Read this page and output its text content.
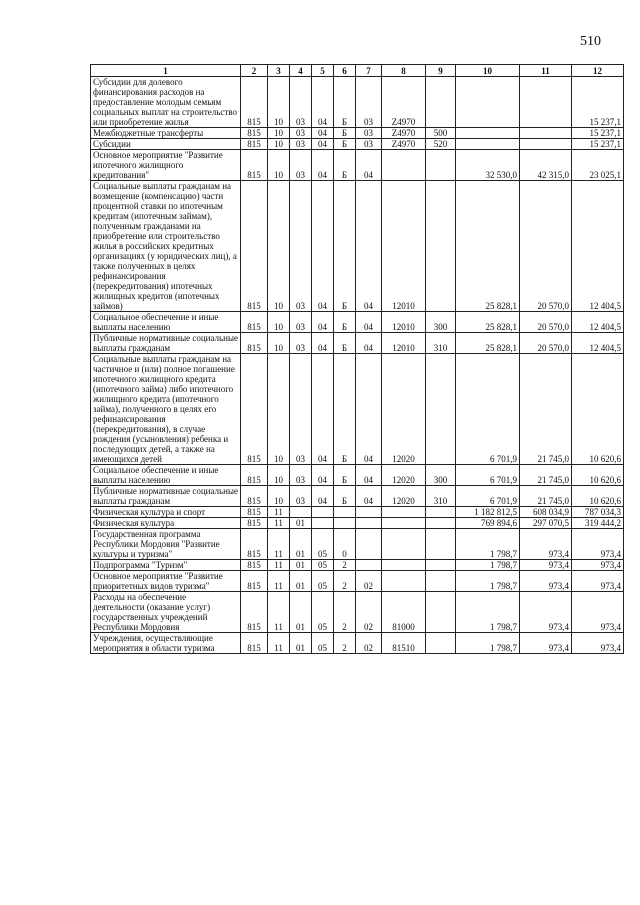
510
1	2	3	4	5	6	7	8	9	10	11	12
Субсидии для долевого финансирования расходов на предоставление молодым семьям социальных выплат на строительство или приобретение жилья	815	10	03	04	Б	03	Z4970				15 237,1
Межбюджетные трансферты	815	10	03	04	Б	03	Z4970	500			15 237,1
Субсидии	815	10	03	04	Б	03	Z4970	520			15 237,1
Основное мероприятие "Развитие ипотечного жилищного кредитования"	815	10	03	04	Б	04			32 530,0	42 315,0	23 025,1
Социальные выплаты гражданам на возмещение (компенсацию) части процентной ставки по ипотечным кредитам (ипотечным займам), полученным гражданами на приобретение или строительство жилья в российских кредитных организациях (у юридических лиц), а также полученных в целях рефинансирования (перекредитования) ипотечных жилищных кредитов (ипотечных займов)	815	10	03	04	Б	04	12010		25 828,1	20 570,0	12 404,5
Социальное обеспечение и иные выплаты населению	815	10	03	04	Б	04	12010	300	25 828,1	20 570,0	12 404,5
Публичные нормативные социальные выплаты гражданам	815	10	03	04	Б	04	12010	310	25 828,1	20 570,0	12 404,5
Социальные выплаты гражданам на частичное и (или) полное погашение ипотечного жилищного кредита (ипотечного займа) либо ипотечного жилищного кредита (ипотечного займа), полученного в целях его рефинансирования (перекредитования), в случае рождения (усыновления) ребенка и последующих детей, а также на имеющихся детей	815	10	03	04	Б	04	12020		6 701,9	21 745,0	10 620,6
Социальное обеспечение и иные выплаты населению	815	10	03	04	Б	04	12020	300	6 701,9	21 745,0	10 620,6
Публичные нормативные социальные выплаты гражданам	815	10	03	04	Б	04	12020	310	6 701,9	21 745,0	10 620,6
Физическая культура и спорт	815	11							1 182 812,5	608 034,9	787 034,3
Физическая культура	815	11	01						769 894,6	297 070,5	319 444,2
Государственная программа Республики Мордовия "Развитие культуры и туризма"	815	11	01	05	0				1 798,7	973,4	973,4
Подпрограмма "Туризм"	815	11	01	05	2				1 798,7	973,4	973,4
Основное мероприятие "Развитие приоритетных видов туризма"	815	11	01	05	2	02			1 798,7	973,4	973,4
Расходы на обеспечение деятельности (оказание услуг) государственных учреждений Республики Мордовия	815	11	01	05	2	02	81000		1 798,7	973,4	973,4
Учреждения, осуществляющие мероприятия в области туризма	815	11	01	05	2	02	81510		1 798,7	973,4	973,4
